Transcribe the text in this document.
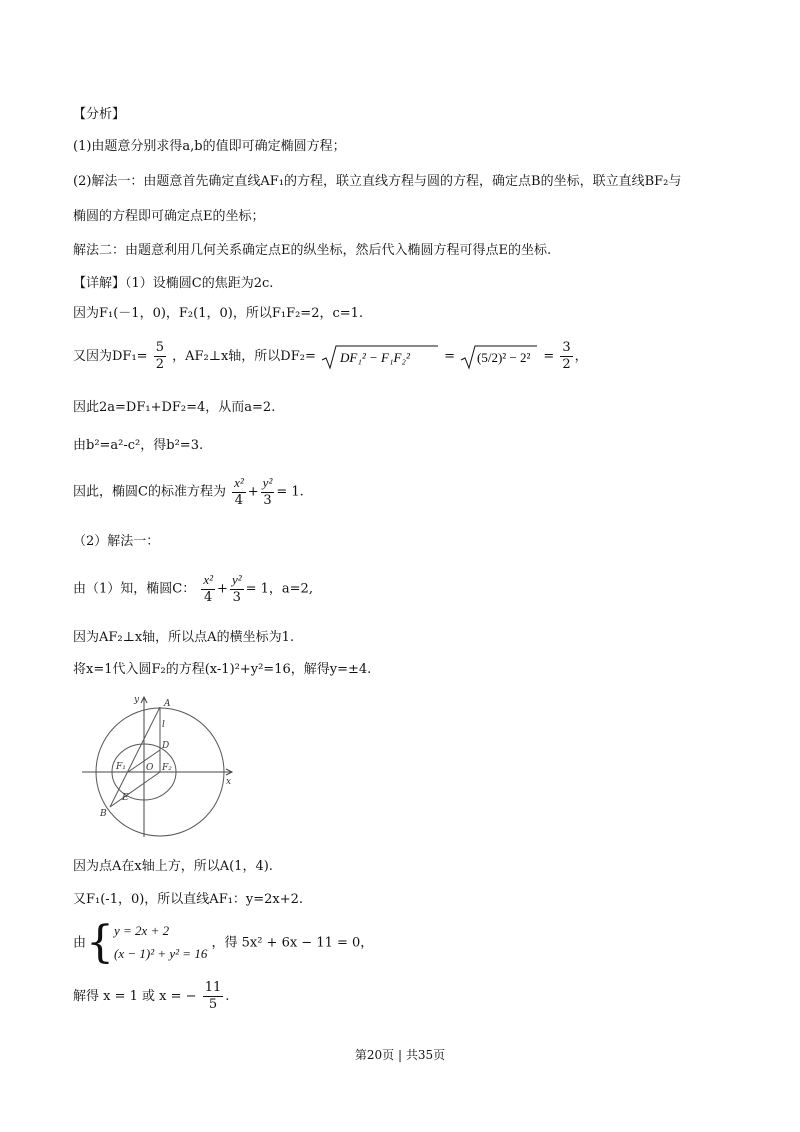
【分析】
(1)由题意分别求得a,b的值即可确定椭圆方程；
(2)解法一：由题意首先确定直线AF₁的方程，联立直线方程与圆的方程，确定点B的坐标，联立直线BF₂与
椭圆的方程即可确定点E的坐标；
解法二：由题意利用几何关系确定点E的纵坐标，然后代入椭圆方程可得点E的坐标.
【详解】（1）设椭圆C的焦距为2c.
因为F₁(－1，0)，F₂(1，0)，所以F₁F₂=2，c=1.
又因为$DF_1= \frac{5}{2}$ ，AF₂⊥x轴，所以DF₂= DF₁² − F₁F₂²	= $(5/2)^2 - 2^2 = \frac{3}{2}$ ，
因此2a=DF₁+DF₂=4，从而a=2.
由b²=a²-c²，得b²=3.
因此，椭圆C的标准方程为 $\frac{\text{x²}}{4} + \frac{\text{y²}}{3} = 1$.
（2）解法一：
由（1）知，椭圆C： $\frac{\text{x²}}{4} + \frac{\text{y²}}{3} = 1$，a=2,
因为AF₂⊥x轴，所以点A的横坐标为1.
将x=1代入圆F₂的方程(x-1)²+y²=16，解得y=±4.
y
x
A
l
D
F₁ O F₂
E
B
因为点A在x轴上方，所以A(1，4).
又F₁(-1，0)，所以直线AF₁：y=2x+2.
由{y = 2x + 2
(x − 1)² + y² = 16 ，得 5x² + 6x − 11 = 0，
解得 x = 1 或 x = − $\frac{11}{5}$ .
第20页 | 共35页
